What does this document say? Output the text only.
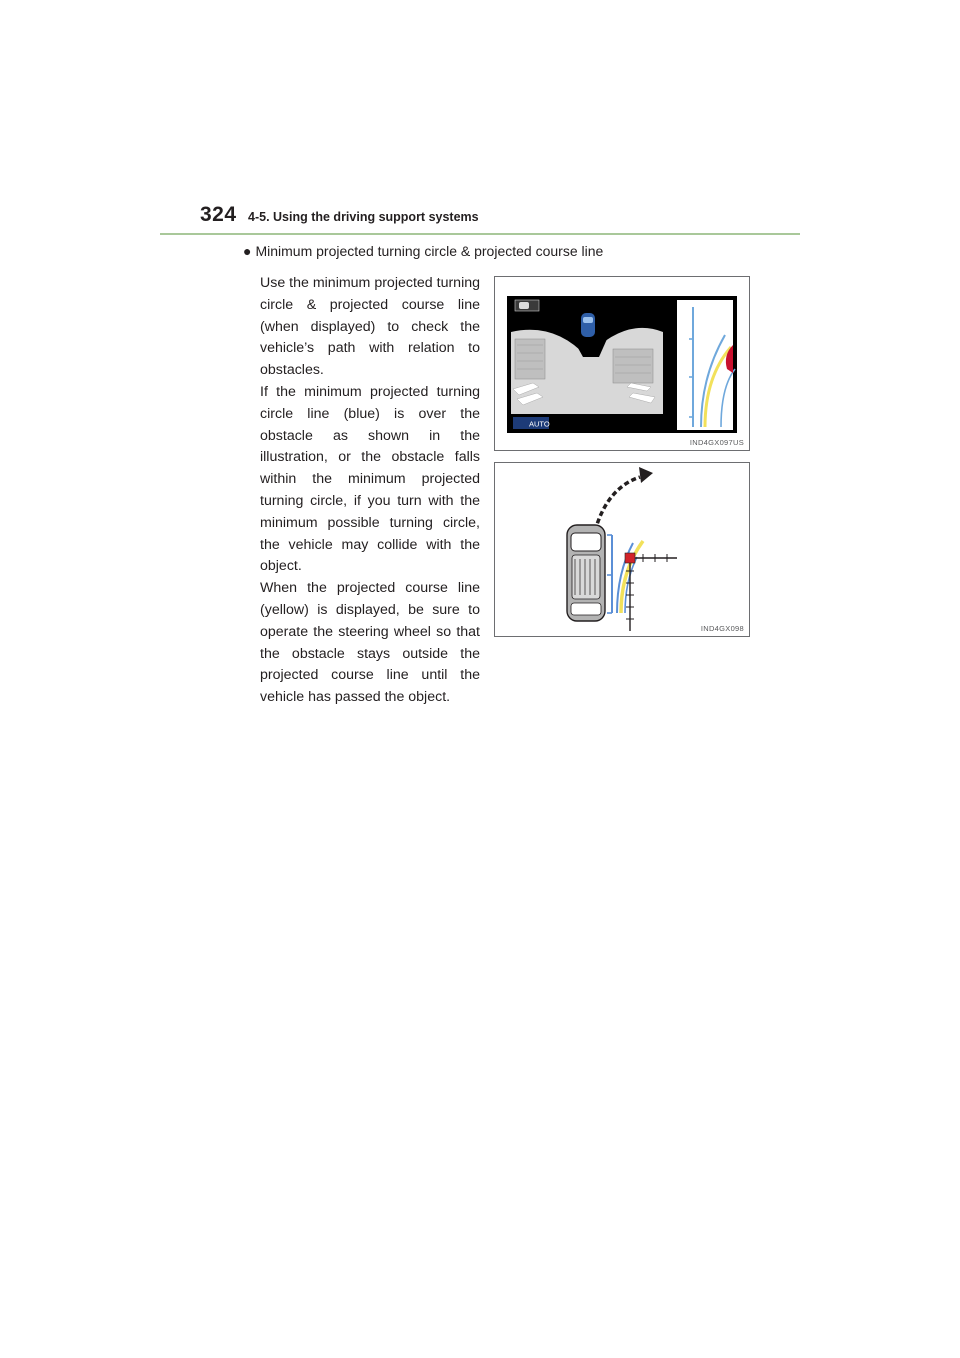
324 4-5. Using the driving support systems
● Minimum projected turning circle & projected course line

Use the minimum projected turning circle & projected course line (when displayed) to check the vehicle’s path with relation to obstacles.

If the minimum projected turning circle line (blue) is over the obstacle as shown in the illustration, or the obstacle falls within the minimum projected turning circle, if you turn with the minimum possible turning circle, the vehicle may collide with the object.

When the projected course line (yellow) is displayed, be sure to operate the steering wheel so that the obstacle stays outside the projected course line until the vehicle has passed the object.

AUTO
IND4GX097US
IND4GX098
